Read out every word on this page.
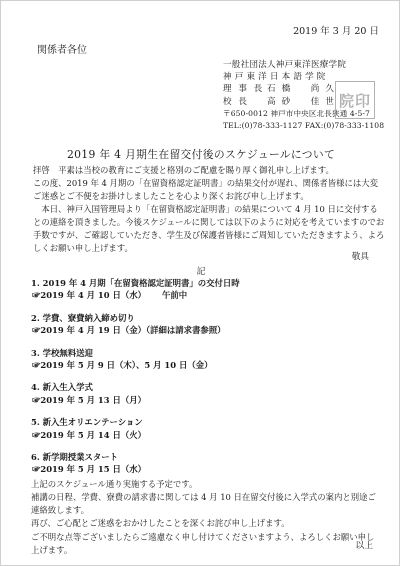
2019 年 3 月 20 日
関係者各位
一般社団法人神戸東洋医療学院
神 戸 東 洋 日 本 語 学 院
理 事 長 石橋　尚久
校 長	高砂　佳世
〒650-0012 神戸市中央区北長狭通 4-5-7
TEL:(0)78-333-1127 FAX:(0)78-333-1108
院印
2019 年 4 月期生在留交付後のスケジュールについて

拝啓　平素は当校の教育にご支援と格別のご配慮を賜り厚く御礼申し上げます。

この度、2019 年 4 月期の「在留資格認定証明書」の結果交付が遅れ、関係者皆様には大変ご迷惑とご不便をお掛けしましたことを心より深くお詫び申し上げます。

本日、神戸入国管理局より「在留資格認定証明書」の結果について 4 月 10 日に交付するとの連絡を頂きました。今後スケジュールに関しては以下のように対応を考えていますのでお手数ですが、ご確認していただき、学生及び保護者皆様にご周知していただきますよう、よろしくお願い申し上げます。

敬具
記
1. 2019 年 4 月期「在留資格認定証明書」の交付日時
☞2019 年 4 月 10 日（水） 午前中
2. 学費、寮費納入締め切り
☞2019 年 4 月 19 日（金）（詳細は請求書参照）
3. 学校無料送迎
☞2019 年 5 月 9 日（木）、5 月 10 日（金）
4. 新入生入学式
☞2019 年 5 月 13 日（月）
5. 新入生オリエンテーション
☞2019 年 5 月 14 日（火）
6. 新学期授業スタート
☞2019 年 5 月 15 日（水）

上記のスケジュール通り実施する予定です。

補講の日程、学費、寮費の請求書に関しては 4 月 10 日在留交付後に入学式の案内と別途ご連絡致します。

再び、ご心配とご迷惑をおかけしたことを深くお詫び申し上げます。

ご不明な点等ございましたらご遠慮なく申し付けてくださいますよう、よろしくお願い申し上げます。	以上
